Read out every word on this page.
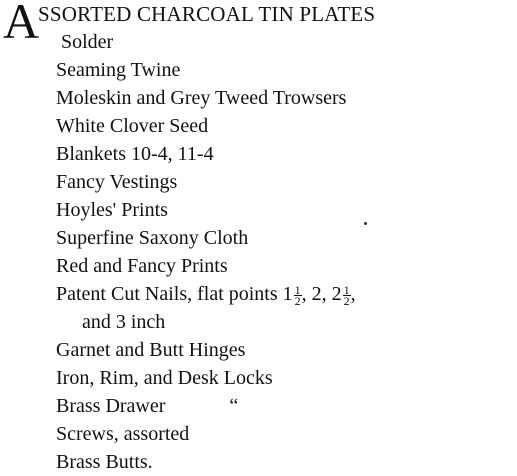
A
SSORTED CHARCOAL TIN PLATES
Solder
Seaming Twine
Moleskin and Grey Tweed Trowsers
White Clover Seed
Blankets 10-4, 11-4
Fancy Vestings
Hoyles' Prints
Superfine Saxony Cloth
Red and Fancy Prints
Patent Cut Nails, flat points $1 \frac{1}{2}$ , 2, $2 \frac{1}{2}$ ,
and 3 inch
Garnet and Butt Hinges
Iron, Rim, and Desk Locks
Brass Drawer	“
Screws, assorted
Brass Butts.
